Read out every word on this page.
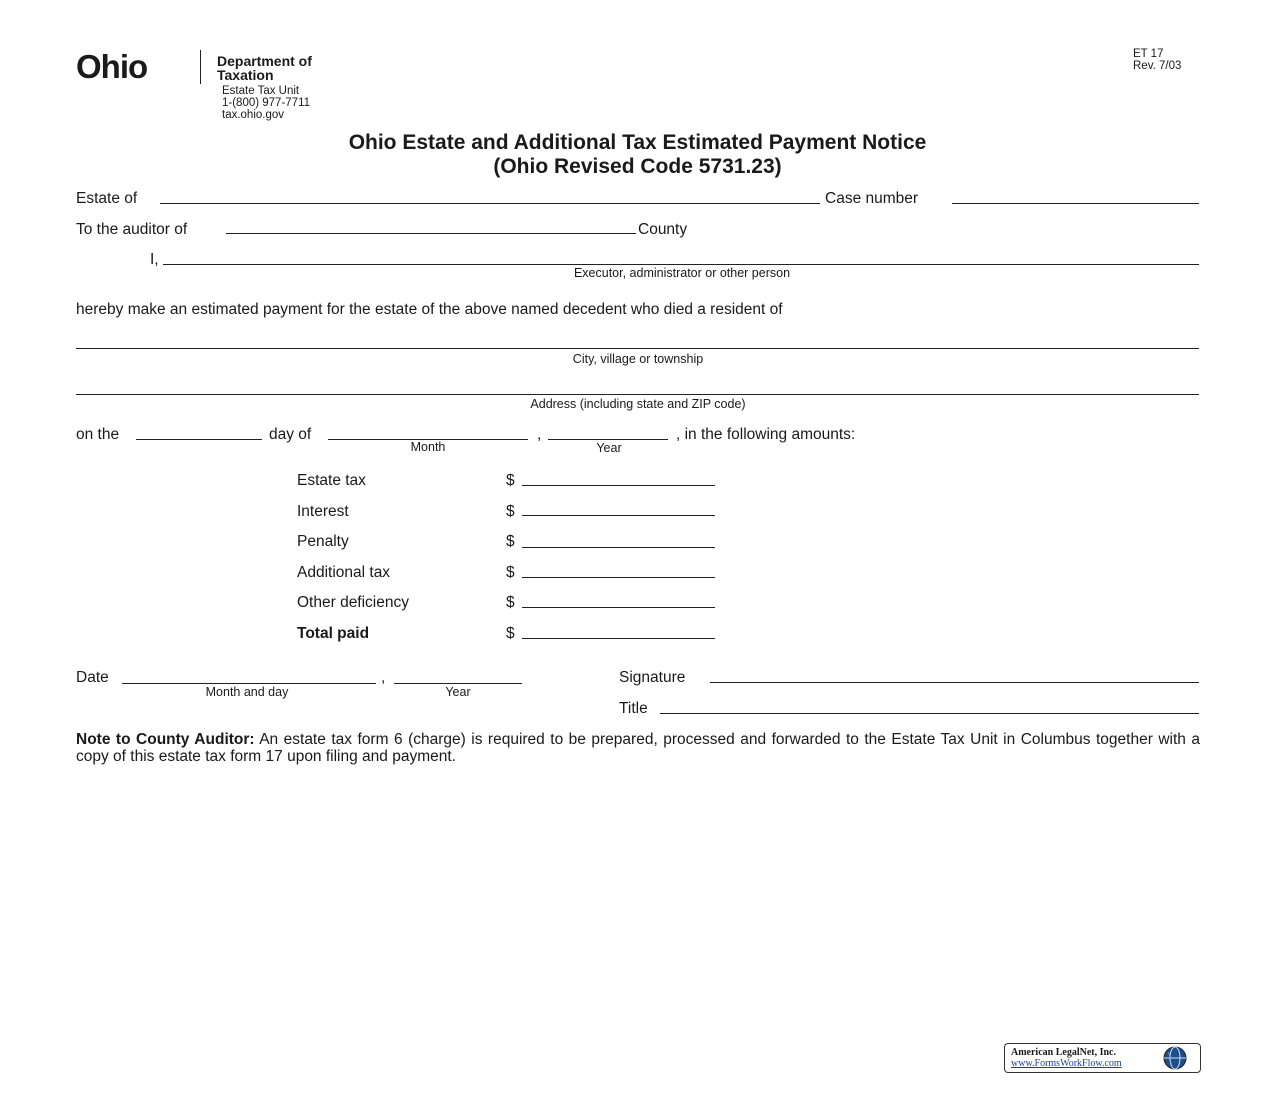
Ohio	Department of
Taxation
Estate Tax Unit
1-(800) 977-7711
tax.ohio.gov
ET 17
Rev. 7/03
Ohio Estate and Additional Tax Estimated Payment Notice
(Ohio Revised Code 5731.23)
Estate of	Case number
To the auditor of	County
I,
Executor, administrator or other person
hereby make an estimated payment for the estate of the above named decedent who died a resident of
City, village or township
Address (including state and ZIP code)
on the	day of	,	, in the following amounts:
Month	Year
Estate tax	$
Interest	$
Penalty	$
Additional tax	$
Other deficiency	$
Total paid	$
Date	,
Month and day	Year
Signature
Title
Note to County Auditor: An estate tax form 6 (charge) is required to be prepared, processed and forwarded to the Estate Tax Unit in Columbus together with a copy of this estate tax form 17 upon filing and payment.
American LegalNet, Inc.
www.FormsWorkFlow.com
